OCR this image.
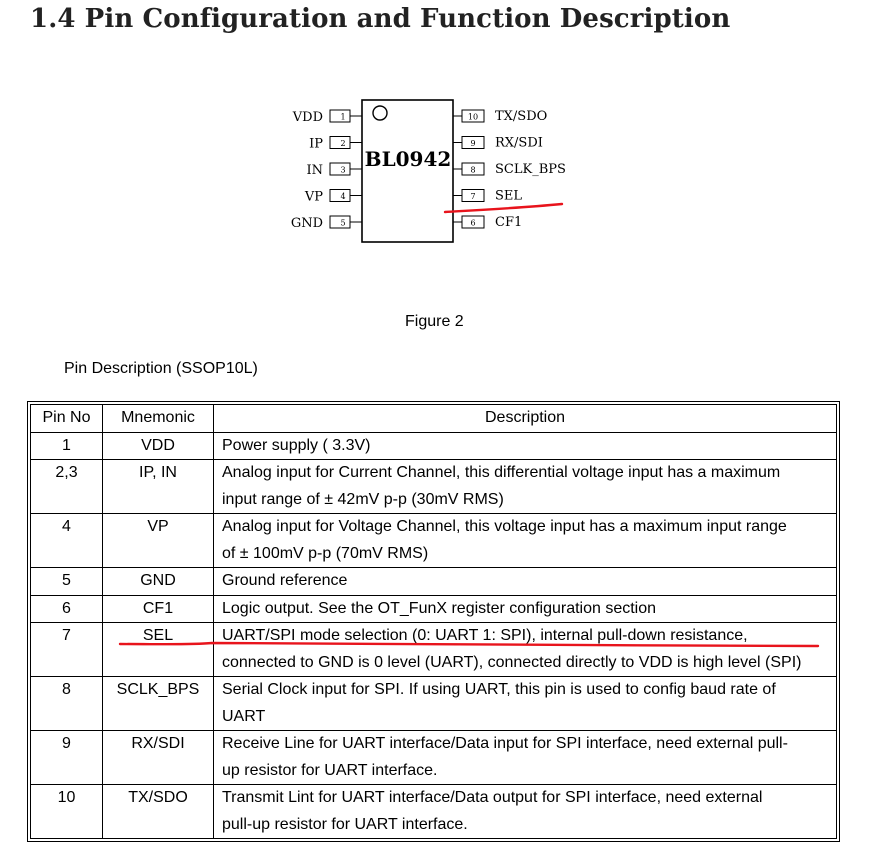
1.4 Pin Configuration and Function Description
BL0942
1
VDD
2
IP
3
IN
4
VP
5
GND
10 TX/SDO
9 RX/SDI
8 SCLK_BPS
7 SEL
6 CF1
Figure 2
Pin Description (SSOP10L)
Pin No	Mnemonic	Description
1	VDD	Power supply ( 3.3V)
2,3	IP, IN	Analog input for Current Channel, this differential voltage input has a maximum
input range of ± 42mV p-p (30mV RMS)
4	VP	Analog input for Voltage Channel, this voltage input has a maximum input range
of ± 100mV p-p (70mV RMS)
5	GND	Ground reference
6	CF1	Logic output. See the OT_FunX register configuration section
7	SEL	UART/SPI mode selection (0: UART 1: SPI), internal pull-down resistance,
connected to GND is 0 level (UART), connected directly to VDD is high level (SPI)
8	SCLK_BPS	Serial Clock input for SPI. If using UART, this pin is used to config baud rate of
UART
9	RX/SDI	Receive Line for UART interface/Data input for SPI interface, need external pull-
up resistor for UART interface.
10	TX/SDO	Transmit Lint for UART interface/Data output for SPI interface, need external
pull-up resistor for UART interface.
